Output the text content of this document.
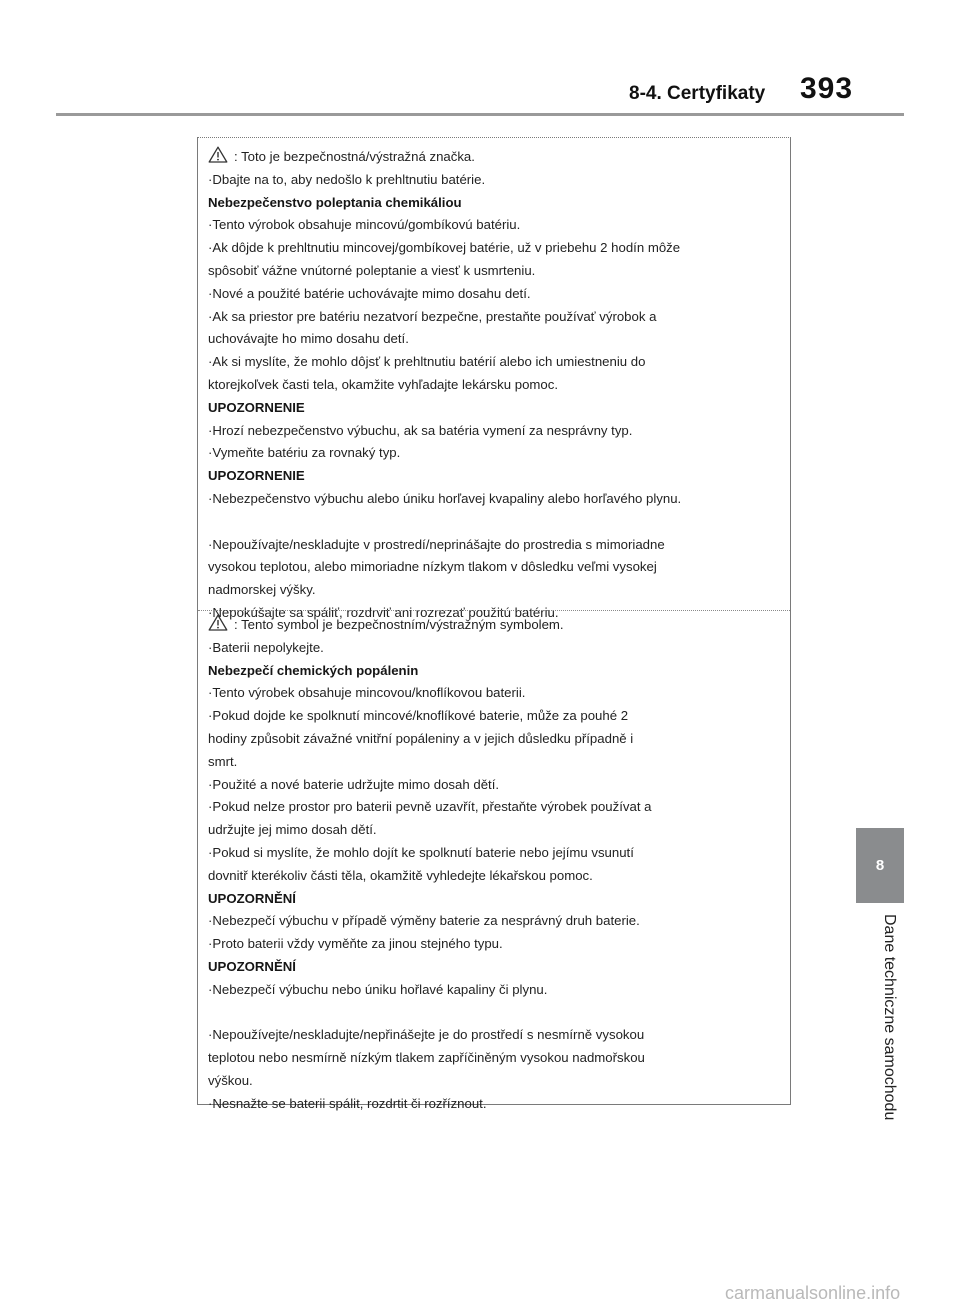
8-4. Certyfikaty 393
: Toto je bezpečnostná/výstražná značka.
·Dbajte na to, aby nedošlo k prehltnutiu batérie.
Nebezpečenstvo poleptania chemikáliou
·Tento výrobok obsahuje mincovú/gombíkovú batériu.
·Ak dôjde k prehltnutiu mincovej/gombíkovej batérie, už v priebehu 2 hodín môže
spôsobiť vážne vnútorné poleptanie a viesť k usmrteniu.
·Nové a použité batérie uchovávajte mimo dosahu detí.
·Ak sa priestor pre batériu nezatvorí bezpečne, prestaňte používať výrobok a
uchovávajte ho mimo dosahu detí.
·Ak si myslíte, že mohlo dôjsť k prehltnutiu batérií alebo ich umiestneniu do
ktorejkoľvek časti tela, okamžite vyhľadajte lekársku pomoc.
UPOZORNENIE
·Hrozí nebezpečenstvo výbuchu, ak sa batéria vymení za nesprávny typ.
·Vymeňte batériu za rovnaký typ.
UPOZORNENIE
·Nebezpečenstvo výbuchu alebo úniku horľavej kvapaliny alebo horľavého plynu.
·Nepoužívajte/neskladujte v prostredí/neprinášajte do prostredia s mimoriadne
vysokou teplotou, alebo mimoriadne nízkym tlakom v dôsledku veľmi vysokej
nadmorskej výšky.
·Nepokúšajte sa spáliť, rozdrviť ani rozrezať použitú batériu.
: Tento symbol je bezpečnostním/výstražným symbolem.
·Baterii nepolykejte.
Nebezpečí chemických popálenin
·Tento výrobek obsahuje mincovou/knoflíkovou baterii.
·Pokud dojde ke spolknutí mincové/knoflíkové baterie, může za pouhé 2
hodiny způsobit závažné vnitřní popáleniny a v jejich důsledku případně i
smrt.
·Použité a nové baterie udržujte mimo dosah dětí.
·Pokud nelze prostor pro baterii pevně uzavřít, přestaňte výrobek používat a
udržujte jej mimo dosah dětí.
·Pokud si myslíte, že mohlo dojít ke spolknutí baterie nebo jejímu vsunutí
dovnitř kterékoliv části těla, okamžitě vyhledejte lékařskou pomoc.
UPOZORNĚNÍ
·Nebezpečí výbuchu v případě výměny baterie za nesprávný druh baterie.
·Proto baterii vždy vyměňte za jinou stejného typu.
UPOZORNĚNÍ
·Nebezpečí výbuchu nebo úniku hořlavé kapaliny či plynu.
·Nepoužívejte/neskladujte/nepřinášejte je do prostředí s nesmírně vysokou
teplotou nebo nesmírně nízkým tlakem zapříčiněným vysokou nadmořskou
výškou.
·Nesnažte se baterii spálit, rozdrtit či rozříznout.
8
Dane techniczne samochodu
carmanualsonline.info
